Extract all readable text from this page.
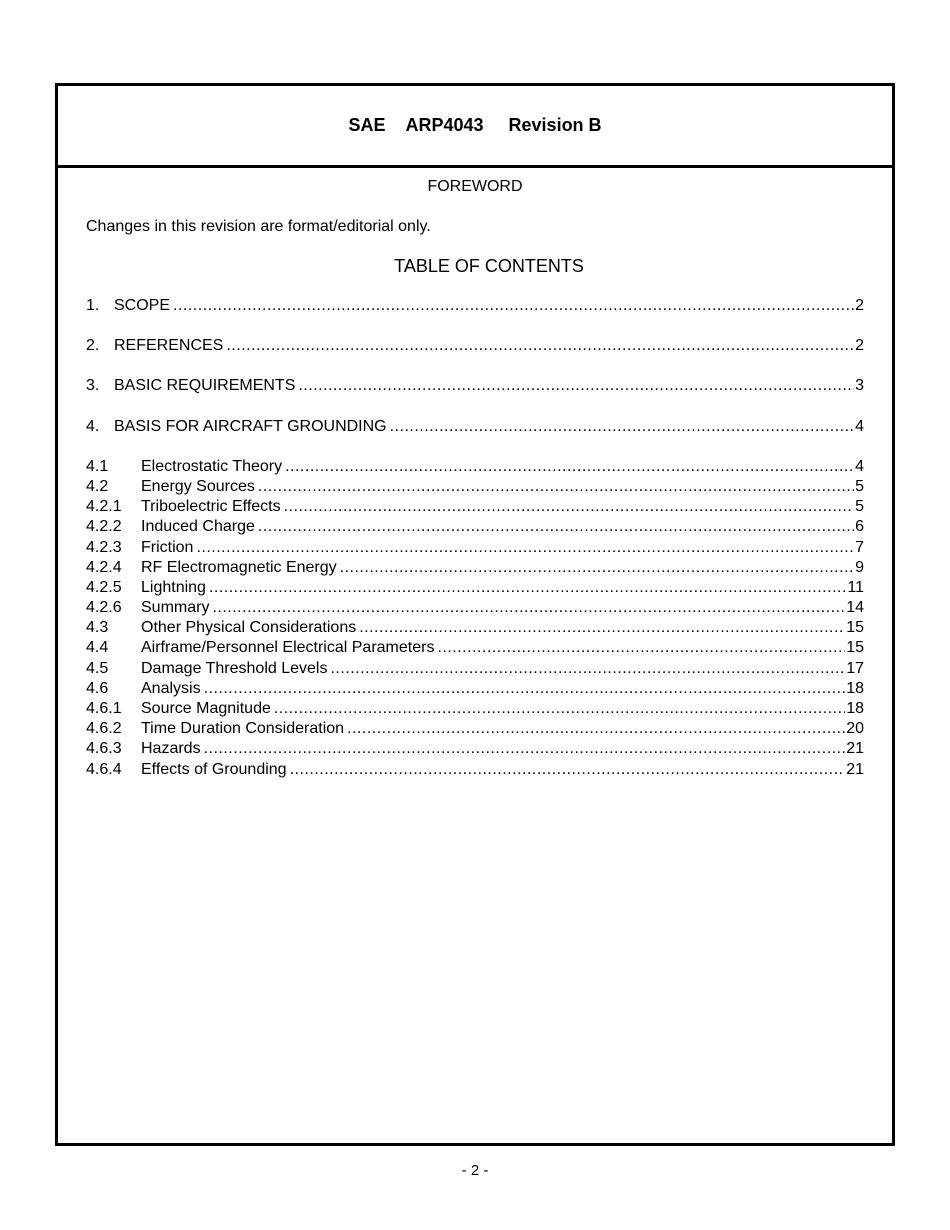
SAE
ARP4043
Revision B
FOREWORD
Changes in this revision are format/editorial only.
TABLE OF CONTENTS
1. SCOPE .....	2
2. REFERENCES .....	2
3. BASIC REQUIREMENTS .....	3
4. BASIS FOR AIRCRAFT GROUNDING .....	4
4.1	Electrostatic Theory .....	4
4.2	Energy Sources .....	5
4.2.1	Triboelectric Effects .....	5
4.2.2	Induced Charge .....	6
4.2.3	Friction .....	7
4.2.4	RF Electromagnetic Energy .....	9
4.2.5	Lightning .....	11
4.2.6	Summary .....	14
4.3	Other Physical Considerations .....	15
4.4	Airframe/Personnel Electrical Parameters .....	15
4.5	Damage Threshold Levels .....	17
4.6	Analysis .....	18
4.6.1	Source Magnitude .....	18
4.6.2	Time Duration Consideration .....	20
4.6.3	Hazards .....	21
4.6.4	Effects of Grounding .....	21
- 2 -
